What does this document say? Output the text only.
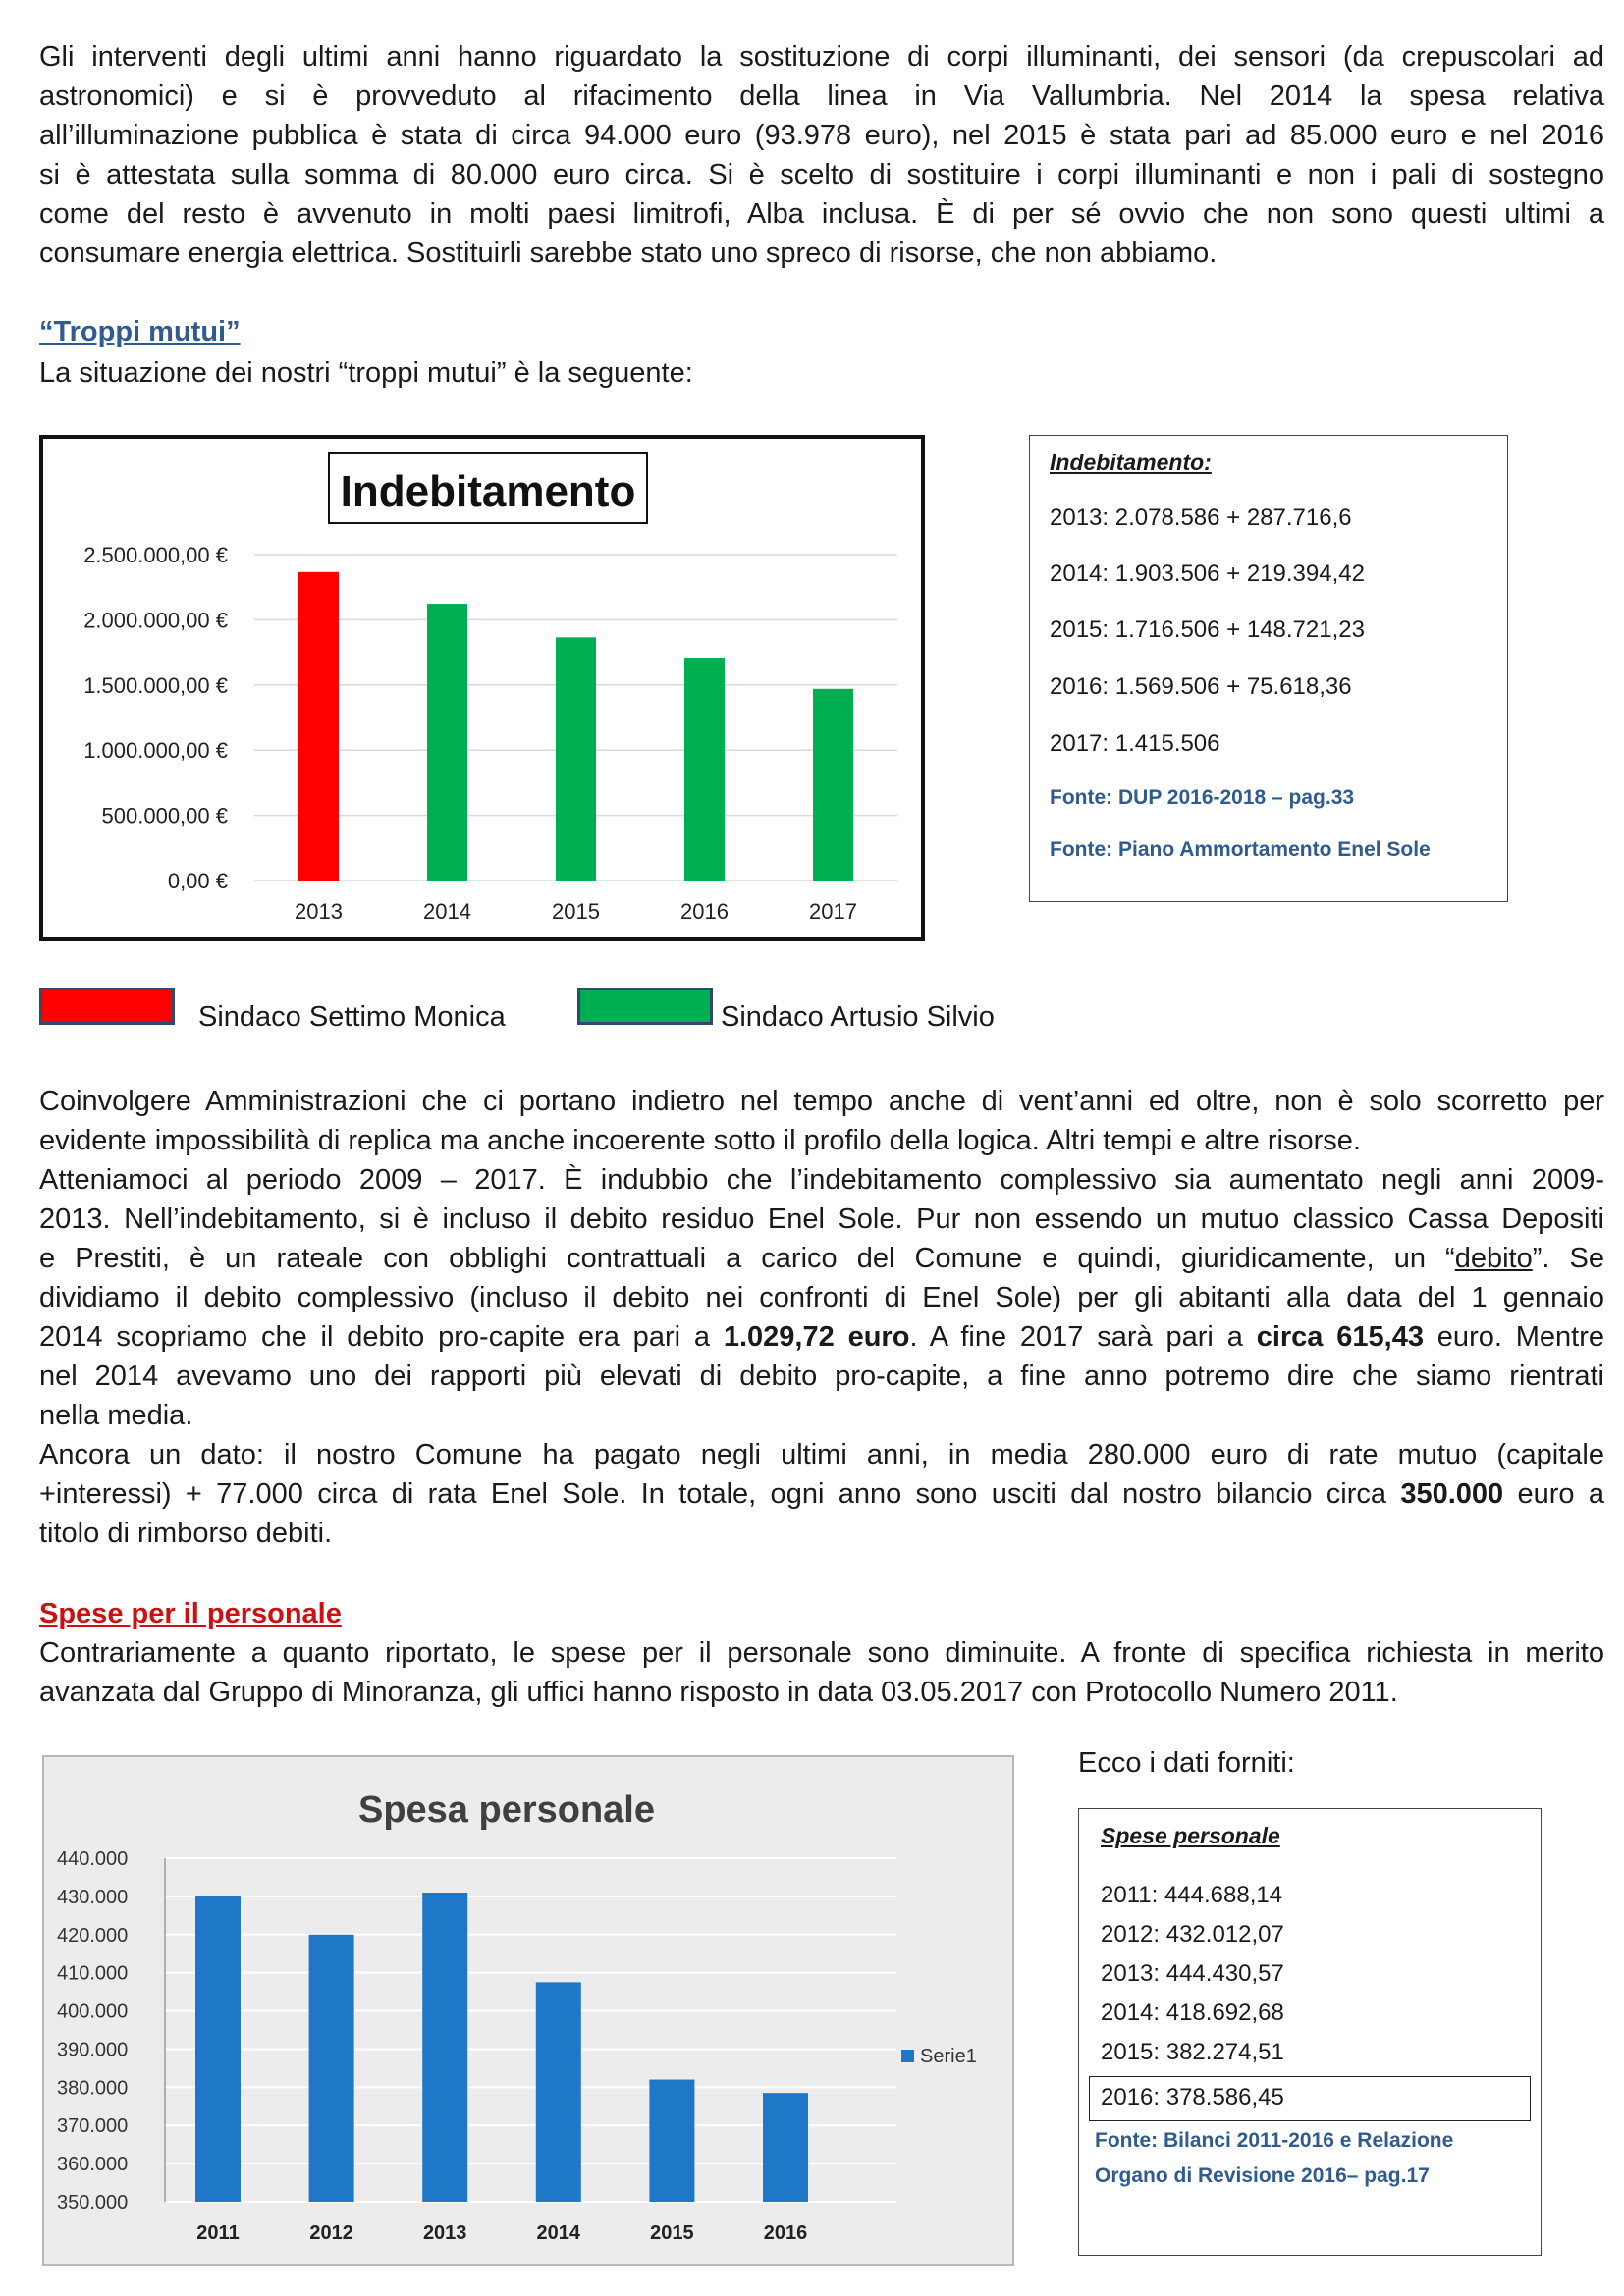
Gli interventi degli ultimi anni hanno riguardato la sostituzione di corpi illuminanti, dei sensori (da crepuscolari ad
astronomici) e si è provveduto al rifacimento della linea in Via Vallumbria. Nel 2014 la spesa relativa
all’illuminazione pubblica è stata di circa 94.000 euro (93.978 euro), nel 2015 è stata pari ad 85.000 euro e nel 2016
si è attestata sulla somma di 80.000 euro circa. Si è scelto di sostituire i corpi illuminanti e non i pali di sostegno
come del resto è avvenuto in molti paesi limitrofi, Alba inclusa. È di per sé ovvio che non sono questi ultimi a
consumare energia elettrica. Sostituirli sarebbe stato uno spreco di risorse, che non abbiamo.

“Troppi mutui”

La situazione dei nostri “troppi mutui” è la seguente:

Indebitamento
0,00 €
500.000,00 €
1.000.000,00 €
1.500.000,00 €
2.000.000,00 €
2.500.000,00 €
2013	2014	2015	2016	2017
Indebitamento:
2013: 2.078.586 + 287.716,6
2014: 1.903.506 + 219.394,42
2015: 1.716.506 + 148.721,23
2016: 1.569.506 + 75.618,36
2017: 1.415.506
Fonte: DUP 2016-2018 – pag.33
Fonte: Piano Ammortamento Enel Sole
Sindaco Settimo Monica	Sindaco Artusio Silvio
Coinvolgere Amministrazioni che ci portano indietro nel tempo anche di vent’anni ed oltre, non è solo scorretto per
evidente impossibilità di replica ma anche incoerente sotto il profilo della logica. Altri tempi e altre risorse.
Atteniamoci al periodo 2009 – 2017. È indubbio che l’indebitamento complessivo sia aumentato negli anni 2009-
2013. Nell’indebitamento, si è incluso il debito residuo Enel Sole. Pur non essendo un mutuo classico Cassa Depositi
e Prestiti, è un rateale con obblighi contrattuali a carico del Comune e quindi, giuridicamente, un “debito”. Se
dividiamo il debito complessivo (incluso il debito nei confronti di Enel Sole) per gli abitanti alla data del 1 gennaio
2014 scopriamo che il debito pro-capite era pari a 1.029,72 euro. A fine 2017 sarà pari a circa 615,43 euro. Mentre
nel 2014 avevamo uno dei rapporti più elevati di debito pro-capite, a fine anno potremo dire che siamo rientrati
nella media.
Ancora un dato: il nostro Comune ha pagato negli ultimi anni, in media 280.000 euro di rate mutuo (capitale
+interessi) + 77.000 circa di rata Enel Sole. In totale, ogni anno sono usciti dal nostro bilancio circa 350.000 euro a
titolo di rimborso debiti.

Spese per il personale

Contrariamente a quanto riportato, le spese per il personale sono diminuite. A fronte di specifica richiesta in merito
avanzata dal Gruppo di Minoranza, gli uffici hanno risposto in data 03.05.2017 con Protocollo Numero 2011.

Ecco i dati forniti:

Spesa personale
350.000
360.000
370.000
380.000
390.000
400.000
410.000
420.000
430.000
440.000
2011	2012	2013	2014	2015	2016
Serie1
Spese personale
2011: 444.688,14
2012: 432.012,07
2013: 444.430,57
2014: 418.692,68
2015: 382.274,51
2016: 378.586,45
Fonte: Bilanci 2011-2016 e Relazione
Organo di Revisione 2016– pag.17
